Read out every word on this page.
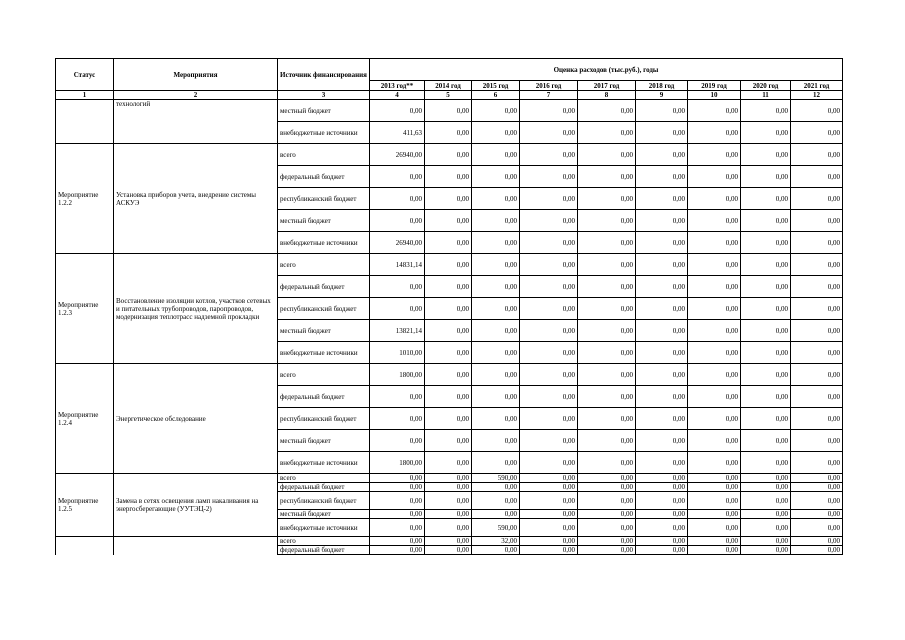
Статус	Мероприятия	Источник финансирования	Оценка расходов (тыс.руб.), годы								
			2013 год**	2014 год	2015 год	2016 год	2017 год	2018 год	2019 год	2020 год	2021 год
1	2	3	4	5	6	7	8	9	10	11	12
	технологий	местный бюджет	0,00	0,00	0,00	0,00	0,00	0,00	0,00	0,00	0,00
		внебюджетные источники	411,63	0,00	0,00	0,00	0,00	0,00	0,00	0,00	0,00
Мероприятие 1.2.2	Установка приборов учета, внедрение системы АСКУЭ	всего	26940,00	0,00	0,00	0,00	0,00	0,00	0,00	0,00	0,00
		федеральный бюджет	0,00	0,00	0,00	0,00	0,00	0,00	0,00	0,00	0,00
		республиканский бюджет	0,00	0,00	0,00	0,00	0,00	0,00	0,00	0,00	0,00
		местный бюджет	0,00	0,00	0,00	0,00	0,00	0,00	0,00	0,00	0,00
		внебюджетные источники	26940,00	0,00	0,00	0,00	0,00	0,00	0,00	0,00	0,00
Мероприятие 1.2.3	Восстановление изоляции котлов, участков сетевых и питательных трубопроводов, паропроводов, модернизация теплотрасс надземной прокладки	всего	14831,14	0,00	0,00	0,00	0,00	0,00	0,00	0,00	0,00
		федеральный бюджет	0,00	0,00	0,00	0,00	0,00	0,00	0,00	0,00	0,00
		республиканский бюджет	0,00	0,00	0,00	0,00	0,00	0,00	0,00	0,00	0,00
		местный бюджет	13821,14	0,00	0,00	0,00	0,00	0,00	0,00	0,00	0,00
		внебюджетные источники	1010,00	0,00	0,00	0,00	0,00	0,00	0,00	0,00	0,00
Мероприятие 1.2.4	Энергетическое обследование	всего	1800,00	0,00	0,00	0,00	0,00	0,00	0,00	0,00	0,00
		федеральный бюджет	0,00	0,00	0,00	0,00	0,00	0,00	0,00	0,00	0,00
		республиканский бюджет	0,00	0,00	0,00	0,00	0,00	0,00	0,00	0,00	0,00
		местный бюджет	0,00	0,00	0,00	0,00	0,00	0,00	0,00	0,00	0,00
		внебюджетные источники	1800,00	0,00	0,00	0,00	0,00	0,00	0,00	0,00	0,00
Мероприятие 1.2.5	Замена в сетях освещения ламп накаливания на энергосберегающие (УУТЭЦ-2)	всего	0,00	0,00	590,00	0,00	0,00	0,00	0,00	0,00	0,00
		федеральный бюджет	0,00	0,00	0,00	0,00	0,00	0,00	0,00	0,00	0,00
		республиканский бюджет	0,00	0,00	0,00	0,00	0,00	0,00	0,00	0,00	0,00
		местный бюджет	0,00	0,00	0,00	0,00	0,00	0,00	0,00	0,00	0,00
		внебюджетные источники	0,00	0,00	590,00	0,00	0,00	0,00	0,00	0,00	0,00
		всего	0,00	0,00	32,00	0,00	0,00	0,00	0,00	0,00	0,00
		федеральный бюджет	0,00	0,00	0,00	0,00	0,00	0,00	0,00	0,00	0,00
